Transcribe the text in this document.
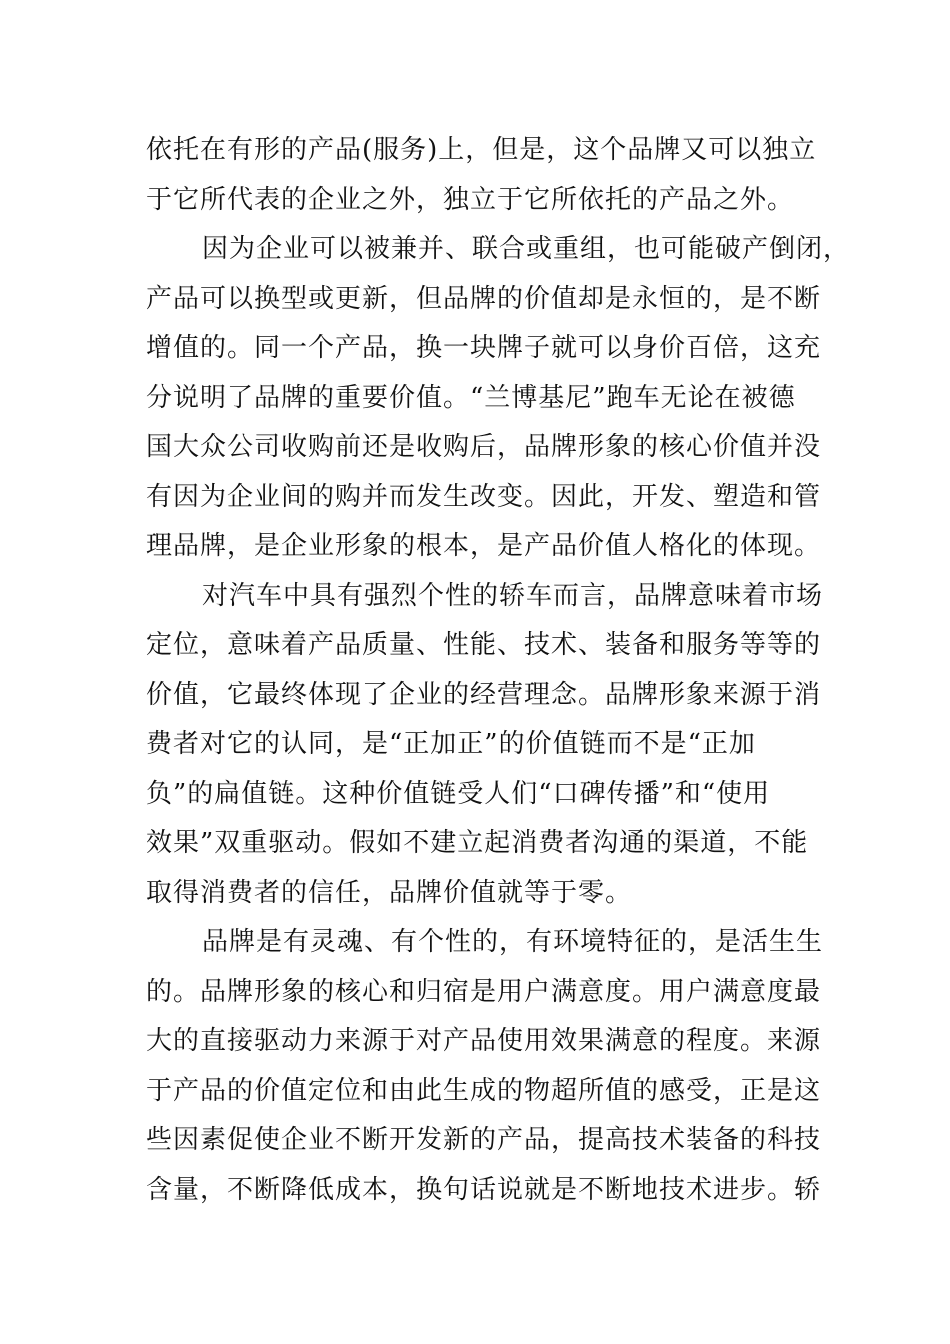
依托在有形的产品(服务)上，但是，这个品牌又可以独立
于它所代表的企业之外，独立于它所依托的产品之外。
因为企业可以被兼并、联合或重组，也可能破产倒闭，
产品可以换型或更新，但品牌的价值却是永恒的，是不断
增值的。同一个产品，换一块牌子就可以身价百倍，这充
分说明了品牌的重要价值。“兰博基尼”跑车无论在被德
国大众公司收购前还是收购后，品牌形象的核心价值并没
有因为企业间的购并而发生改变。因此，开发、塑造和管
理品牌，是企业形象的根本，是产品价值人格化的体现。
对汽车中具有强烈个性的轿车而言，品牌意味着市场
定位，意味着产品质量、性能、技术、装备和服务等等的
价值，它最终体现了企业的经营理念。品牌形象来源于消
费者对它的认同，是“正加正”的价值链而不是“正加
负”的扁值链。这种价值链受人们“口碑传播”和“使用
效果”双重驱动。假如不建立起消费者沟通的渠道，不能
取得消费者的信任，品牌价值就等于零。
品牌是有灵魂、有个性的，有环境特征的，是活生生
的。品牌形象的核心和归宿是用户满意度。用户满意度最
大的直接驱动力来源于对产品使用效果满意的程度。来源
于产品的价值定位和由此生成的物超所值的感受，正是这
些因素促使企业不断开发新的产品，提高技术装备的科技
含量，不断降低成本，换句话说就是不断地技术进步。轿
